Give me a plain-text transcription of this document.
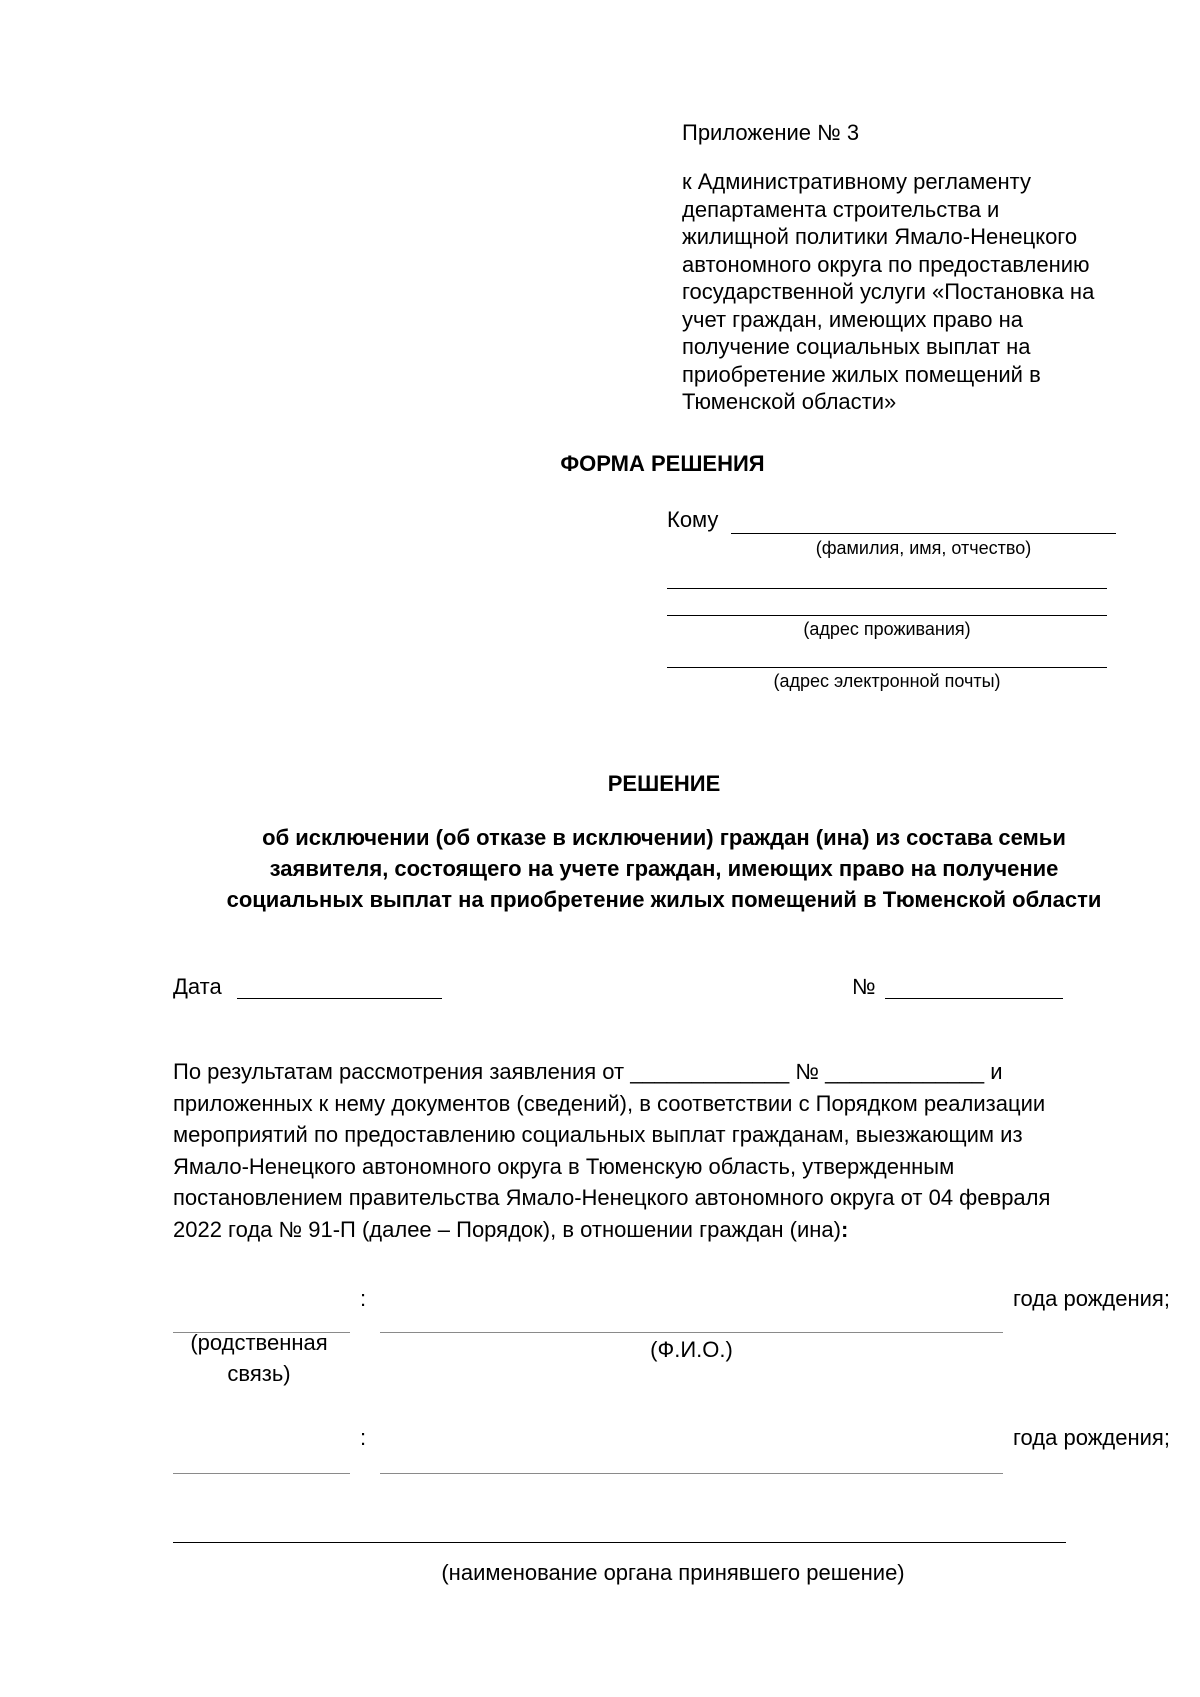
Приложение № 3
к Административному регламенту
департамента строительства и
жилищной политики Ямало-Ненецкого
автономного округа по предоставлению
государственной услуги «Постановка на
учет граждан, имеющих право на
получение социальных выплат на
приобретение жилых помещений в
Тюменской области»
ФОРМА РЕШЕНИЯ
Кому
(фамилия, имя, отчество)
(адрес проживания)
(адрес электронной почты)
РЕШЕНИЕ
об исключении (об отказе в исключении) граждан (ина) из состава семьи
заявителя, состоящего на учете граждан, имеющих право на получение
социальных выплат на приобретение жилых помещений в Тюменской области
Дата	№
По результатам рассмотрения заявления от _____________ № _____________ и
приложенных к нему документов (сведений), в соответствии с Порядком реализации
мероприятий по предоставлению социальных выплат гражданам, выезжающим из
Ямало-Ненецкого автономного округа в Тюменскую область, утвержденным
постановлением правительства Ямало-Ненецкого автономного округа от 04 февраля
2022 года № 91-П (далее – Порядок), в отношении граждан (ина):
:	года рождения;
(родственная
связь)
(Ф.И.О.)
:	года рождения;
(наименование органа принявшего решение)
